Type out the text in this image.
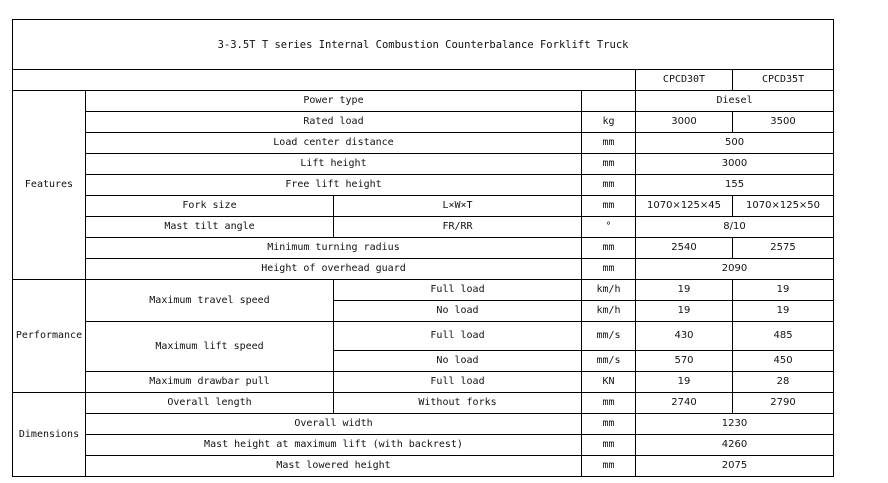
3-3.5T T series Internal Combustion Counterbalance Forklift Truck					
				CPCD30T	CPCD35T
Features	Power type			Diesel	
	Rated load		kg	3000	3500
	Load center distance		mm	500	
	Lift height		mm	3000	
	Free lift height		mm	155	
	Fork size	L×W×T	mm	1070×125×45	1070×125×50
	Mast tilt angle	FR/RR	°	8/10	
	Minimum turning radius		mm	2540	2575
	Height of overhead guard		mm	2090	
Performance	Maximum travel speed	Full load	km/h	19	19
		No load	km/h	19	19
	Maximum lift speed	Full load	mm/s	430	485
		No load	mm/s	570	450
	Maximum drawbar pull	Full load	KN	19	28
Dimensions	Overall length	Without forks	mm	2740	2790
	Overall width		mm	1230	
	Mast height at maximum lift (with backrest)		mm	4260	
	Mast lowered height		mm	2075	
